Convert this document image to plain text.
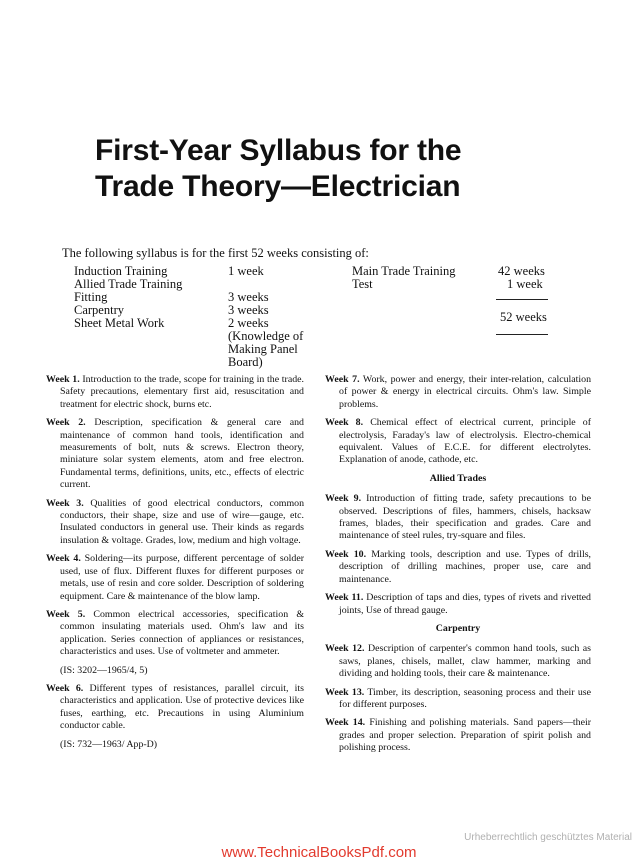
First-Year Syllabus for the
Trade Theory—Electrician
The following syllabus is for the first 52 weeks consisting of:
Induction Training	1 week
Allied Trade Training
Fitting	3 weeks
Carpentry	3 weeks
Sheet Metal Work	2 weeks
(Knowledge of
Making Panel
Board)
Main Trade Training	42 weeks
Test	1 week
52 weeks

Week 1. Introduction to the trade, scope for training in the trade. Safety precautions, elementary first aid, resuscitation and treatment for electric shock, burns etc.

Week 2. Description, specification & general care and maintenance of common hand tools, identification and measurements of bolt, nuts & screws. Electron theory, miniature solar system elements, atom and free electron. Fundamental terms, definitions, units, etc., effects of electric current.

Week 3. Qualities of good electrical conductors, common conductors, their shape, size and use of wire—gauge, etc. Insulated conductors in general use. Their kinds as regards insulation & voltage. Grades, low, medium and high voltage.

Week 4. Soldering—its purpose, different percentage of solder used, use of flux. Different fluxes for different purposes or metals, use of resin and core solder. Description of soldering equipment. Care & maintenance of the blow lamp.

Week 5. Common electrical accessories, specification & common insulating materials used. Ohm's law and its application. Series connection of appliances or resistances, characteristics and uses. Use of voltmeter and ammeter.

(IS: 3202—1965/4, 5)

Week 6. Different types of resistances, parallel circuit, its characteristics and application. Use of protective devices like fuses, earthing, etc. Precautions in using Aluminium conductor cable.

(IS: 732—1963/ App-D)

Week 7. Work, power and energy, their inter-relation, calculation of power & energy in electrical circuits. Ohm's law. Simple problems.

Week 8. Chemical effect of electrical current, principle of electrolysis, Faraday's law of electrolysis. Electro-chemical equivalent. Values of E.C.E. for different electrolytes. Explanation of anode, cathode, etc.

Allied Trades

Week 9. Introduction of fitting trade, safety precautions to be observed. Descriptions of files, hammers, chisels, hacksaw frames, blades, their specification and grades. Care and maintenance of steel rules, try-square and files.

Week 10. Marking tools, description and use. Types of drills, description of drilling machines, proper use, care and maintenance.

Week 11. Description of taps and dies, types of rivets and rivetted joints, Use of thread gauge.

Carpentry

Week 12. Description of carpenter's common hand tools, such as saws, planes, chisels, mallet, claw hammer, marking and dividing and holding tools, their care & maintenance.

Week 13. Timber, its description, seasoning process and their use for different purposes.

Week 14. Finishing and polishing materials. Sand papers—their grades and proper selection. Preparation of spirit polish and polishing process.

Urheberrechtlich geschütztes Material
www.TechnicalBooksPdf.com
